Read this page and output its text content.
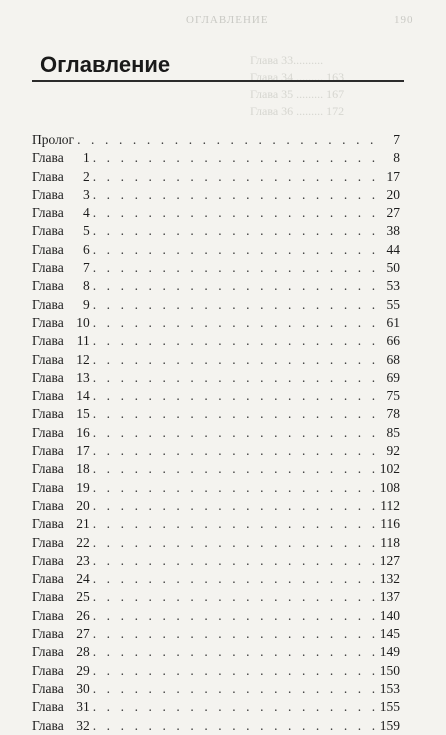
ОГЛАВЛЕНИЕ	190
Глава 33..........
Глава 34 ......... 163
Глава 35 ......... 167
Глава 36 ......... 172
Оглавление
Пролог . . .	7
Глава 1 . . .	8
Глава 2 . . .	17
Глава 3 . . .	20
Глава 4 . . .	27
Глава 5 . . .	38
Глава 6 . . .	44
Глава 7 . . .	50
Глава 8 . . .	53
Глава 9 . . .	55
Глава 10 . . .	61
Глава 11 . . .	66
Глава 12 . . .	68
Глава 13 . . .	69
Глава 14 . . .	75
Глава 15 . . .	78
Глава 16 . . .	85
Глава 17 . . .	92
Глава 18 . . .	102
Глава 19 . . .	108
Глава 20 . . .	112
Глава 21 . . .	116
Глава 22 . . .	118
Глава 23 . . .	127
Глава 24 . . .	132
Глава 25 . . .	137
Глава 26 . . .	140
Глава 27 . . .	145
Глава 28 . . .	149
Глава 29 . . .	150
Глава 30 . . .	153
Глава 31 . . .	155
Глава 32 . . .	159
